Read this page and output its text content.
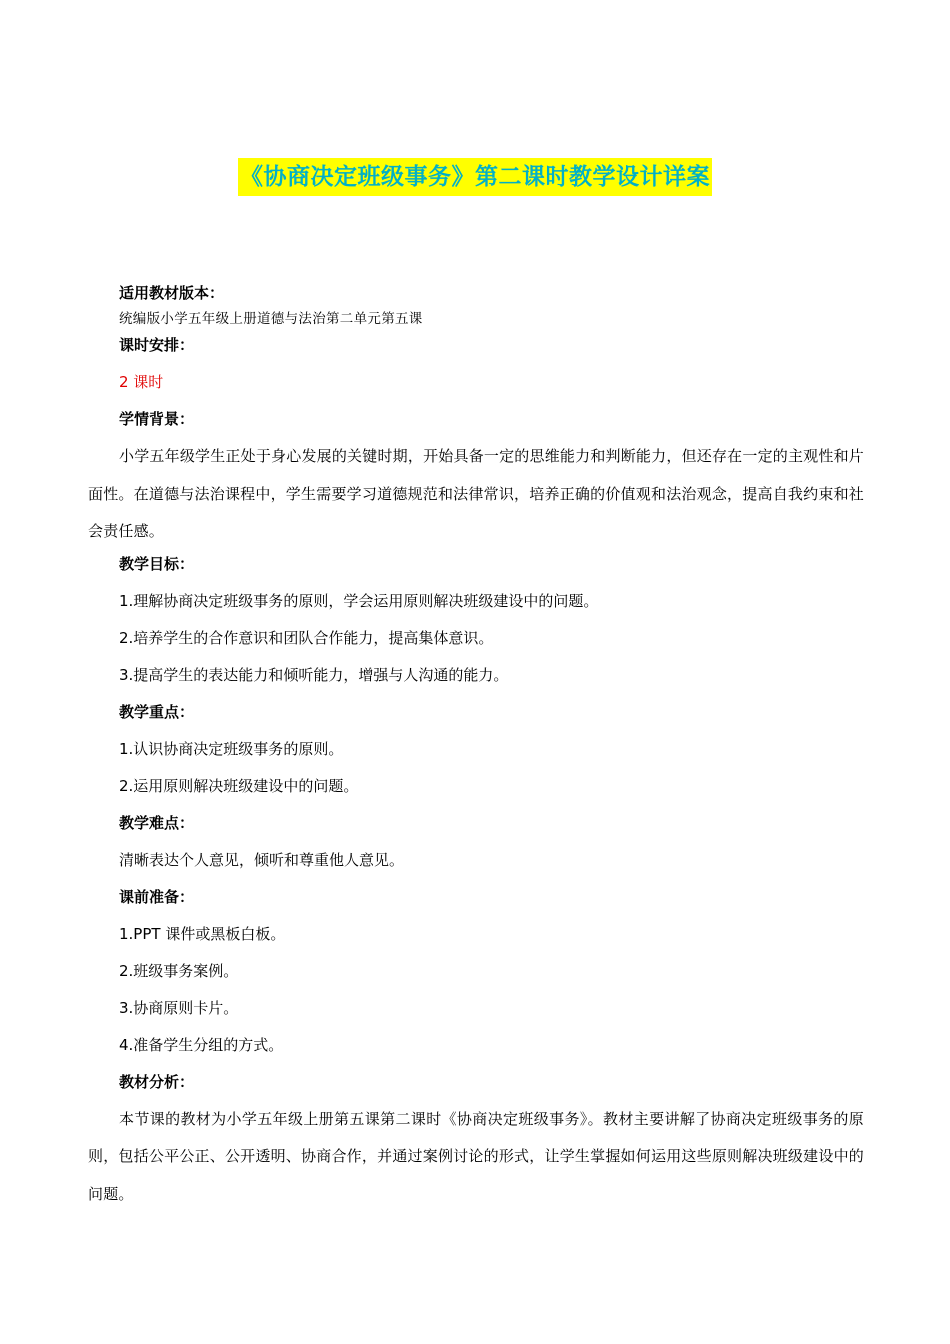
《协商决定班级事务》第二课时教学设计详案
适用教材版本：
统编版小学五年级上册道德与法治第二单元第五课
课时安排：
2 课时
学情背景：
小学五年级学生正处于身心发展的关键时期，开始具备一定的思维能力和判断能力，但还存在一定的主观性和片面性。在道德与法治课程中，学生需要学习道德规范和法律常识，培养正确的价值观和法治观念，提高自我约束和社会责任感。
教学目标：
1.理解协商决定班级事务的原则，学会运用原则解决班级建设中的问题。
2.培养学生的合作意识和团队合作能力，提高集体意识。
3.提高学生的表达能力和倾听能力，增强与人沟通的能力。
教学重点：
1.认识协商决定班级事务的原则。
2.运用原则解决班级建设中的问题。
教学难点：
清晰表达个人意见，倾听和尊重他人意见。
课前准备：
1.PPT 课件或黑板白板。
2.班级事务案例。
3.协商原则卡片。
4.准备学生分组的方式。
教材分析：
本节课的教材为小学五年级上册第五课第二课时《协商决定班级事务》。教材主要讲解了协商决定班级事务的原则，包括公平公正、公开透明、协商合作，并通过案例讨论的形式，让学生掌握如何运用这些原则解决班级建设中的问题。
